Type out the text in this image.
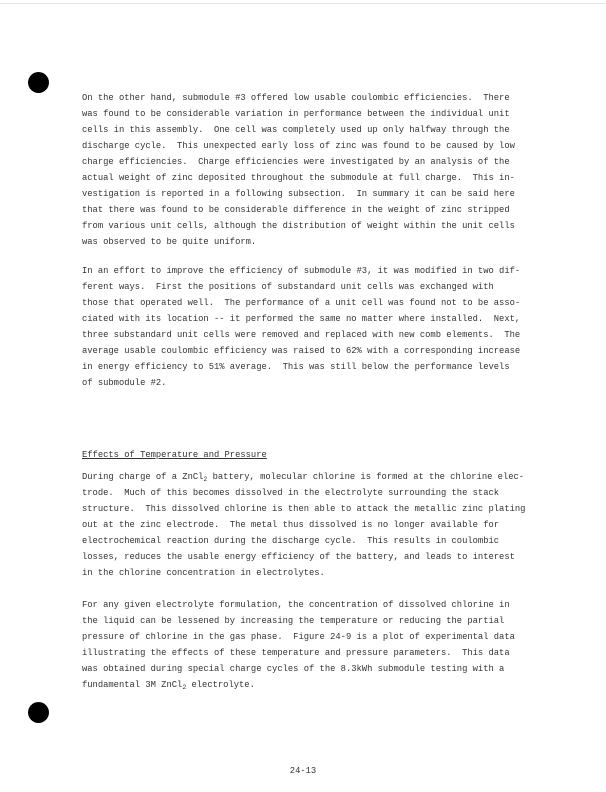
On the other hand, submodule #3 offered low usable coulombic efficiencies.  There
was found to be considerable variation in performance between the individual unit
cells in this assembly.  One cell was completely used up only halfway through the
discharge cycle.  This unexpected early loss of zinc was found to be caused by low
charge efficiencies.  Charge efficiencies were investigated by an analysis of the
actual weight of zinc deposited throughout the submodule at full charge.  This in-
vestigation is reported in a following subsection.  In summary it can be said here
that there was found to be considerable difference in the weight of zinc stripped
from various unit cells, although the distribution of weight within the unit cells
was observed to be quite uniform.
In an effort to improve the efficiency of submodule #3, it was modified in two dif-
ferent ways.  First the positions of substandard unit cells was exchanged with
those that operated well.  The performance of a unit cell was found not to be asso-
ciated with its location -- it performed the same no matter where installed.  Next,
three substandard unit cells were removed and replaced with new comb elements.  The
average usable coulombic efficiency was raised to 62% with a corresponding increase
in energy efficiency to 51% average.  This was still below the performance levels
of submodule #2.
Effects of Temperature and Pressure
During charge of a ZnCl$_2$ battery, molecular chlorine is formed at the chlorine elec-
trode.  Much of this becomes dissolved in the electrolyte surrounding the stack
structure.  This dissolved chlorine is then able to attack the metallic zinc plating
out at the zinc electrode.  The metal thus dissolved is no longer available for
electrochemical reaction during the discharge cycle.  This results in coulombic
losses, reduces the usable energy efficiency of the battery, and leads to interest
in the chlorine concentration in electrolytes.
For any given electrolyte formulation, the concentration of dissolved chlorine in
the liquid can be lessened by increasing the temperature or reducing the partial
pressure of chlorine in the gas phase.  Figure 24-9 is a plot of experimental data
illustrating the effects of these temperature and pressure parameters.  This data
was obtained during special charge cycles of the 8.3kWh submodule testing with a
fundamental 3M ZnCl$_2$ electrolyte.
24-13
